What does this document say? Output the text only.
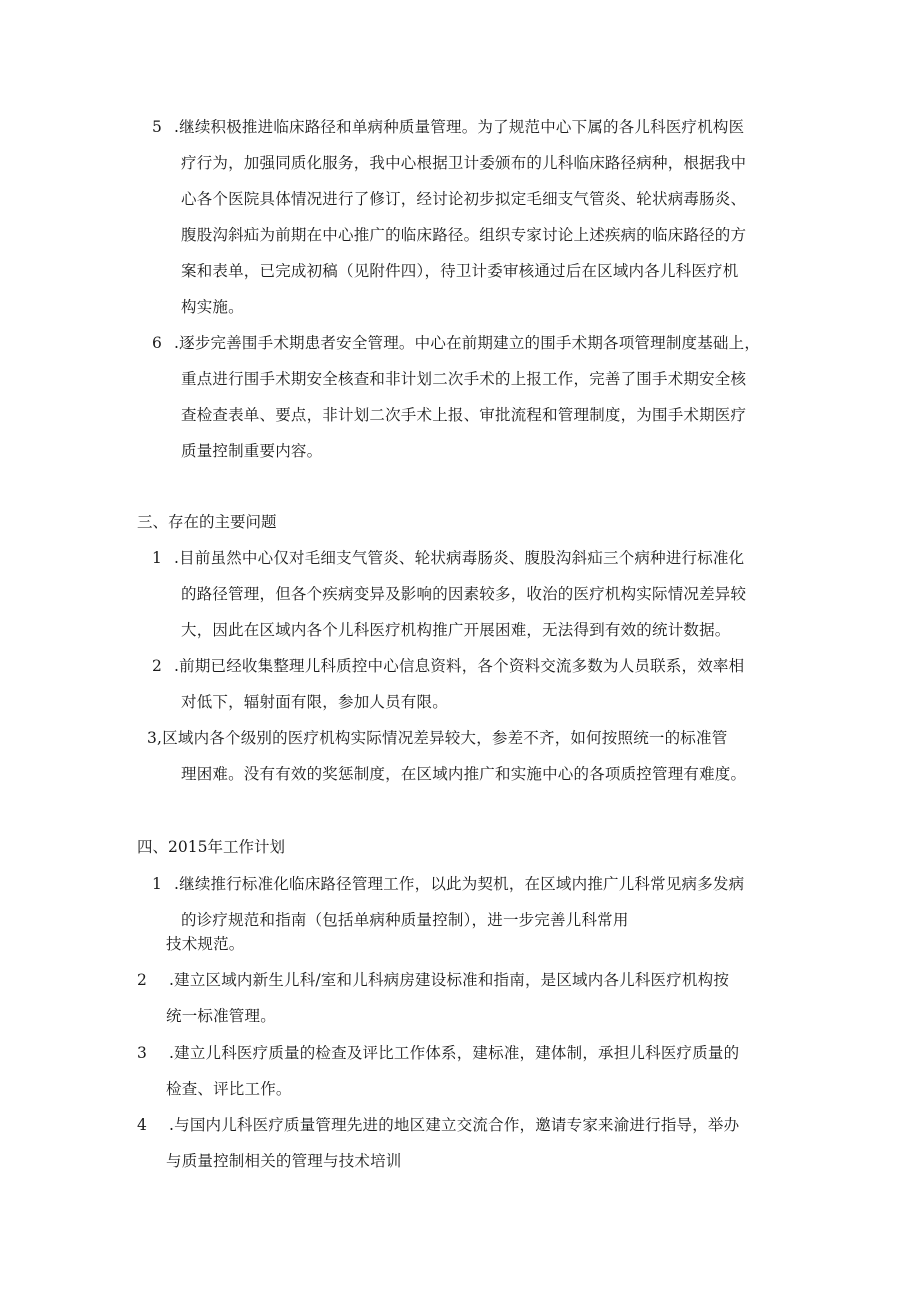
5 .继续积极推进临床路径和单病种质量管理。为了规范中心下属的各儿科医疗机构医
疗行为，加强同质化服务，我中心根据卫计委颁布的儿科临床路径病种，根据我中
心各个医院具体情况进行了修订，经讨论初步拟定毛细支气管炎、轮状病毒肠炎、
腹股沟斜疝为前期在中心推广的临床路径。组织专家讨论上述疾病的临床路径的方
案和表单，已完成初稿（见附件四），待卫计委审核通过后在区域内各儿科医疗机
构实施。
6 .逐步完善围手术期患者安全管理。中心在前期建立的围手术期各项管理制度基础上，
重点进行围手术期安全核查和非计划二次手术的上报工作，完善了围手术期安全核
查检查表单、要点，非计划二次手术上报、审批流程和管理制度，为围手术期医疗
质量控制重要内容。
三、存在的主要问题
1 .目前虽然中心仅对毛细支气管炎、轮状病毒肠炎、腹股沟斜疝三个病种进行标准化
的路径管理，但各个疾病变异及影响的因素较多，收治的医疗机构实际情况差异较
大，因此在区域内各个儿科医疗机构推广开展困难，无法得到有效的统计数据。
2 .前期已经收集整理儿科质控中心信息资料，各个资料交流多数为人员联系，效率相
对低下，辐射面有限，参加人员有限。
3,区域内各个级别的医疗机构实际情况差异较大，参差不齐，如何按照统一的标准管
理困难。没有有效的奖惩制度，在区域内推广和实施中心的各项质控管理有难度。
四、2015年工作计划
1 .继续推行标准化临床路径管理工作，以此为契机，在区域内推广儿科常见病多发病
的诊疗规范和指南（包括单病种质量控制），进一步完善儿科常用
技术规范。
2 .建立区域内新生儿科/室和儿科病房建设标准和指南，是区域内各儿科医疗机构按
统一标准管理。
3 .建立儿科医疗质量的检查及评比工作体系，建标准，建体制，承担儿科医疗质量的
检查、评比工作。
4 .与国内儿科医疗质量管理先进的地区建立交流合作，邀请专家来渝进行指导，举办
与质量控制相关的管理与技术培训
